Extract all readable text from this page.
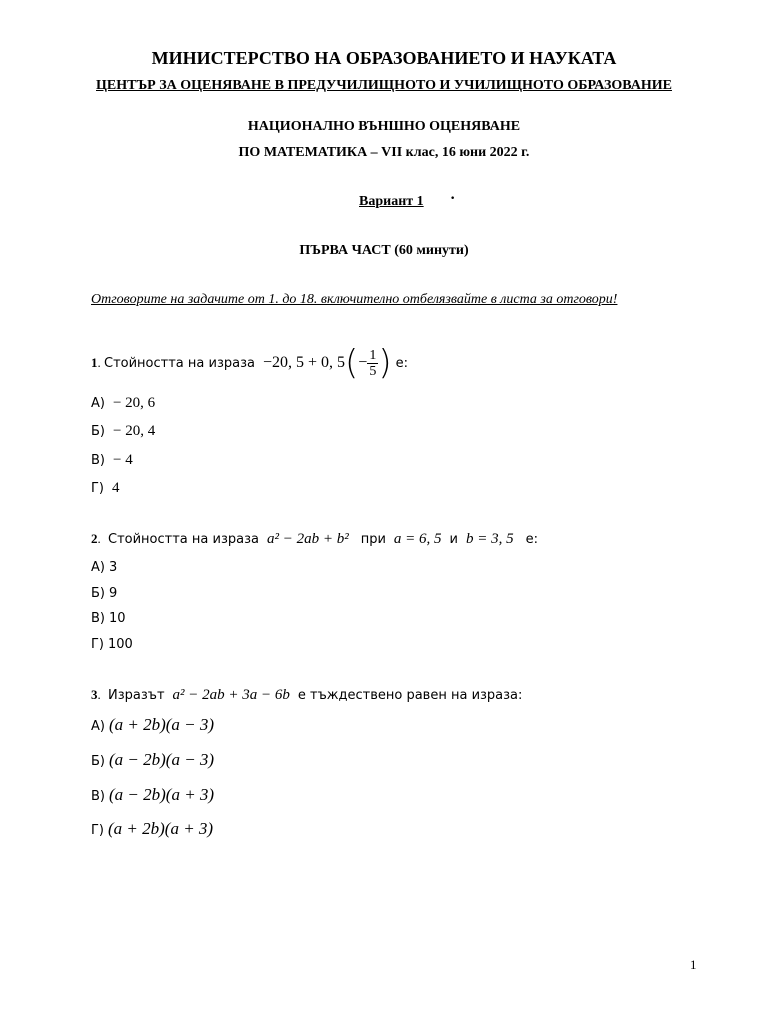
МИНИСТЕРСТВО НА ОБРАЗОВАНИЕТО И НАУКАТА
ЦЕНТЪР ЗА ОЦЕНЯВАНЕ В ПРЕДУЧИЛИЩНОТО И УЧИЛИЩНОТО ОБРАЗОВАНИЕ
НАЦИОНАЛНО ВЪНШНО ОЦЕНЯВАНЕ
ПО МАТЕМАТИКА – VII клас, 16 юни 2022 г.
Вариант 1 ·
ПЪРВА ЧАСТ (60 минути)
Отговорите на задачите от 1. до 18. включително отбелязвайте в листа за отговори!
1 . Стойността на израза
−20, 5 + 0, 5 ( − $\frac{1}{5}$ )
е:
А) − 20, 6
Б) − 20, 4
В) − 4
Г) 4
2.  Стойността на израза a² − 2ab + b² при a = 6, 5 и b = 3, 5 е:
А) 3
Б) 9
В) 10
Г) 100
3.  Изразът a² − 2ab + 3a − 6b е тъждествено равен на израза:
А) (a + 2b)(a − 3)
Б) (a − 2b)(a − 3)
В) (a − 2b)(a + 3)
Г) (a + 2b)(a + 3)
1
